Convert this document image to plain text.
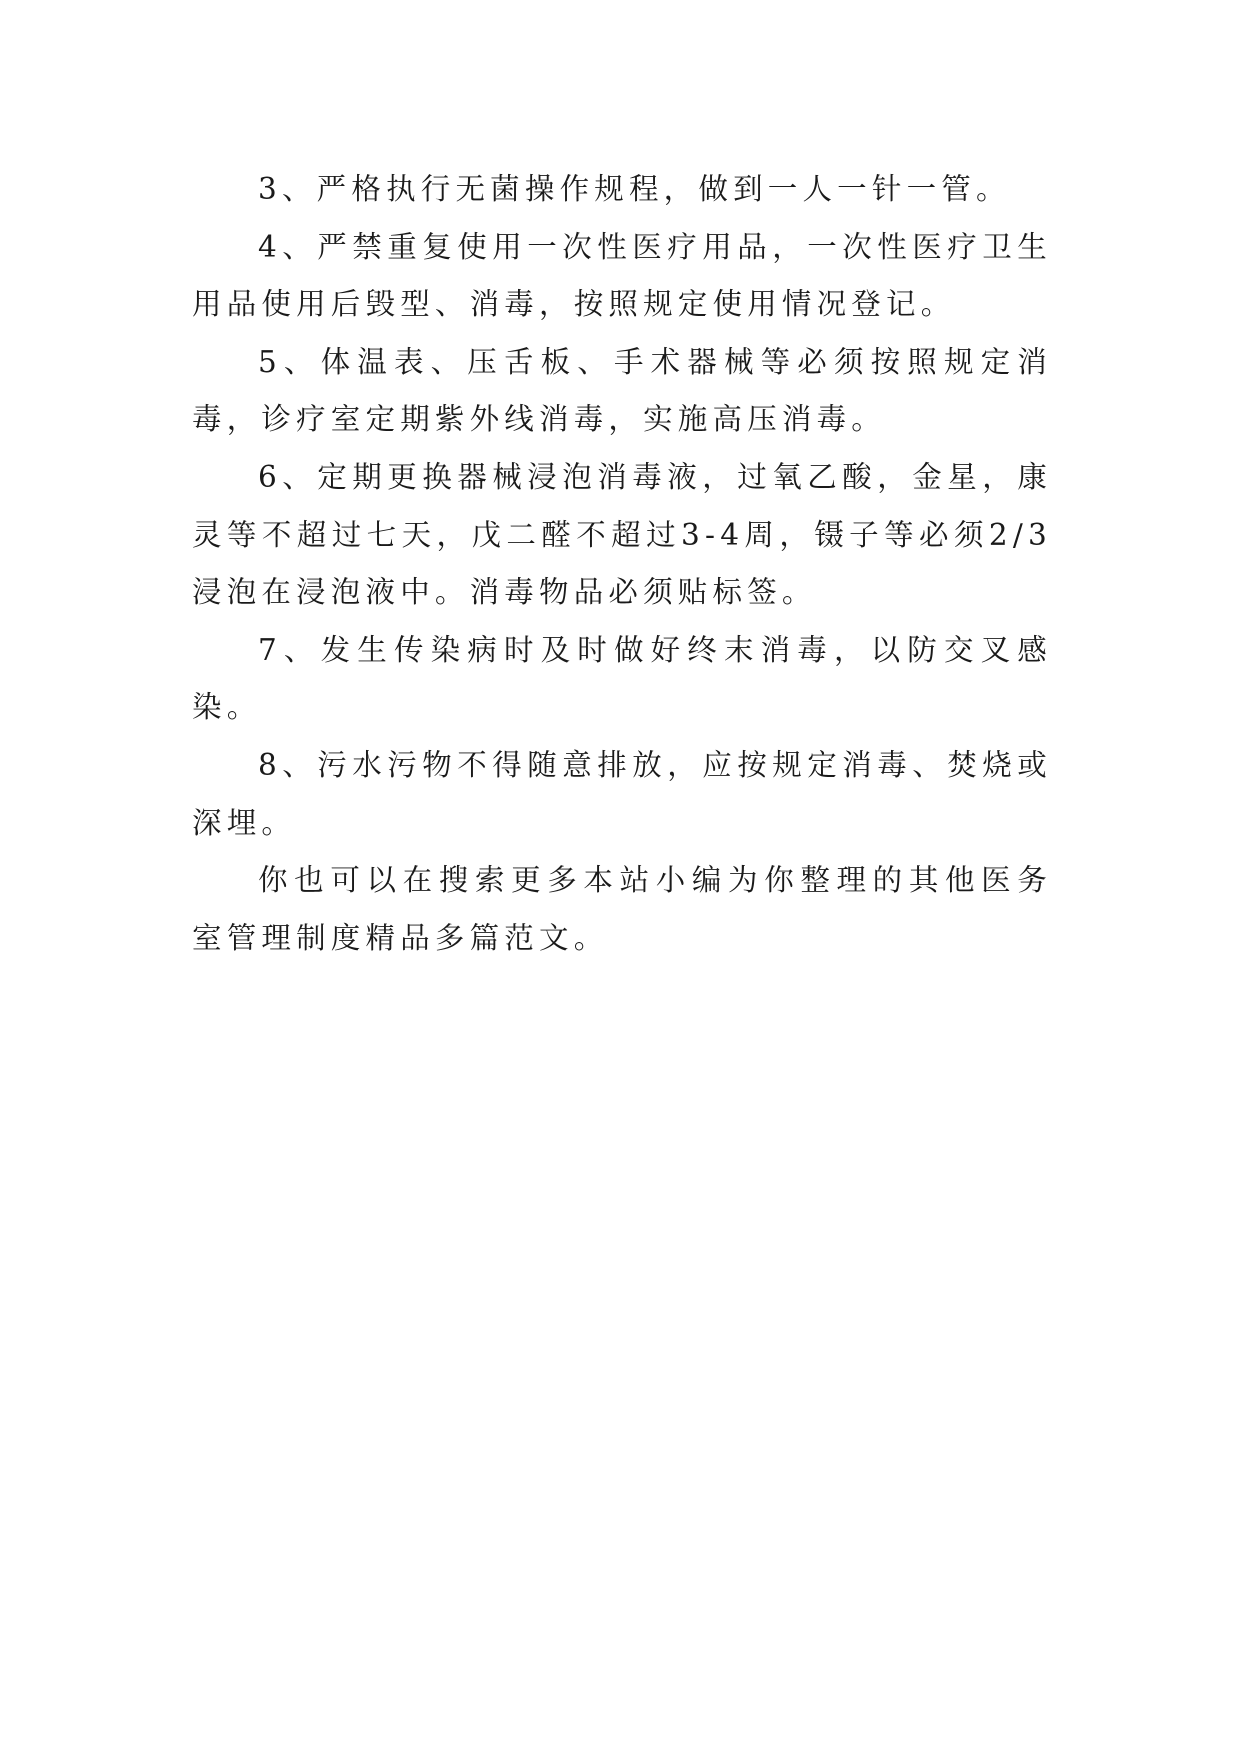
3、严格执行无菌操作规程，做到一人一针一管。

4、严禁重复使用一次性医疗用品，一次性医疗卫生用品使用后毁型、消毒，按照规定使用情况登记。

5、体温表、压舌板、手术器械等必须按照规定消毒，诊疗室定期紫外线消毒，实施高压消毒。

6、定期更换器械浸泡消毒液，过氧乙酸，金星，康灵等不超过七天，戊二醛不超过3-4周，镊子等必须2/3浸泡在浸泡液中。消毒物品必须贴标签。

7、发生传染病时及时做好终末消毒，以防交叉感染。

8、污水污物不得随意排放，应按规定消毒、焚烧或深埋。

你也可以在搜索更多本站小编为你整理的其他医务室管理制度精品多篇范文。
